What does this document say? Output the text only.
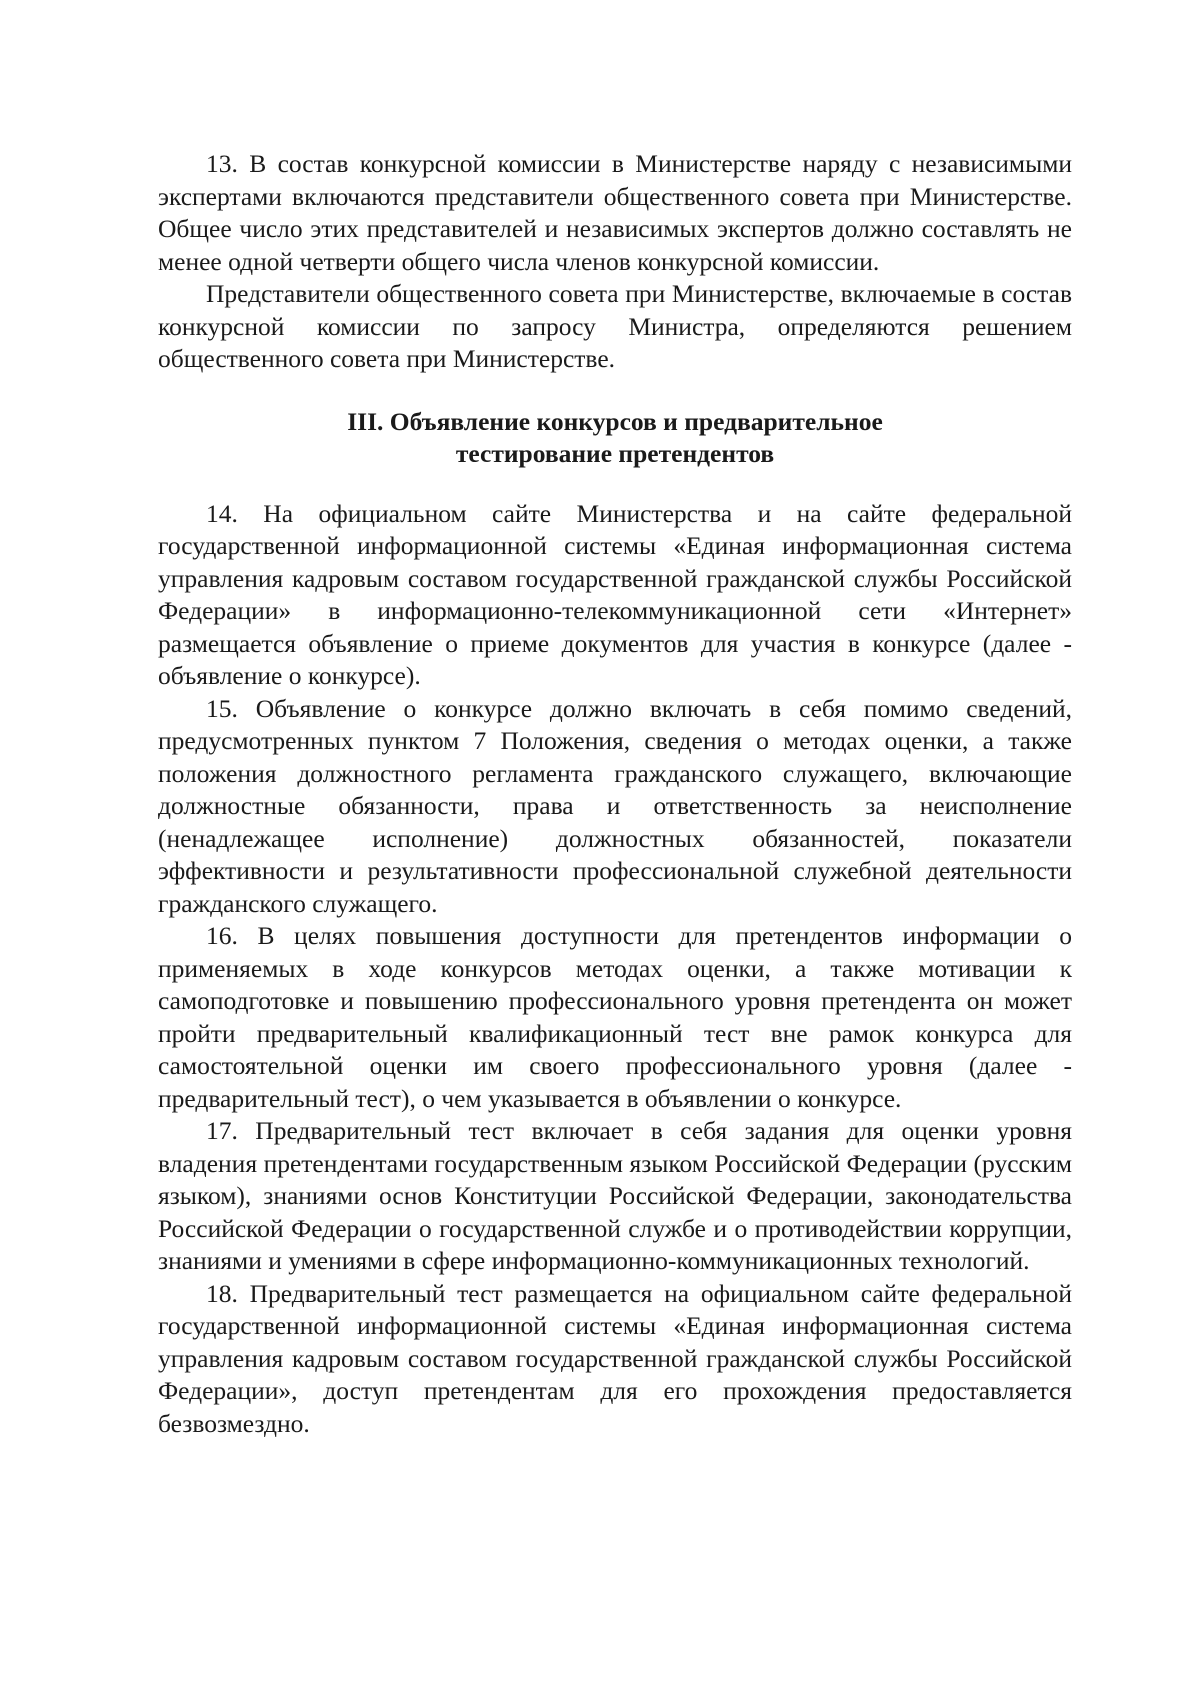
13. В состав конкурсной комиссии в Министерстве наряду с независимыми экспертами включаются представители общественного совета при Министерстве. Общее число этих представителей и независимых экспертов должно составлять не менее одной четверти общего числа членов конкурсной комиссии.

Представители общественного совета при Министерстве, включаемые в состав конкурсной комиссии по запросу Министра, определяются решением общественного совета при Министерстве.

III. Объявление конкурсов и предварительное
тестирование претендентов

14. На официальном сайте Министерства и на сайте федеральной государственной информационной системы «Единая информационная система управления кадровым составом государственной гражданской службы Российской Федерации» в информационно-телекоммуникационной сети «Интернет» размещается объявление о приеме документов для участия в конкурсе (далее - объявление о конкурсе).

15. Объявление о конкурсе должно включать в себя помимо сведений, предусмотренных пунктом 7 Положения, сведения о методах оценки, а также положения должностного регламента гражданского служащего, включающие должностные обязанности, права и ответственность за неисполнение (ненадлежащее исполнение) должностных обязанностей, показатели эффективности и результативности профессиональной служебной деятельности гражданского служащего.

16. В целях повышения доступности для претендентов информации о применяемых в ходе конкурсов методах оценки, а также мотивации к самоподготовке и повышению профессионального уровня претендента он может пройти предварительный квалификационный тест вне рамок конкурса для самостоятельной оценки им своего профессионального уровня (далее - предварительный тест), о чем указывается в объявлении о конкурсе.

17. Предварительный тест включает в себя задания для оценки уровня владения претендентами государственным языком Российской Федерации (русским языком), знаниями основ Конституции Российской Федерации, законодательства Российской Федерации о государственной службе и о противодействии коррупции, знаниями и умениями в сфере информационно-коммуникационных технологий.

18. Предварительный тест размещается на официальном сайте федеральной государственной информационной системы «Единая информационная система управления кадровым составом государственной гражданской службы Российской Федерации», доступ претендентам для его прохождения предоставляется безвозмездно.
